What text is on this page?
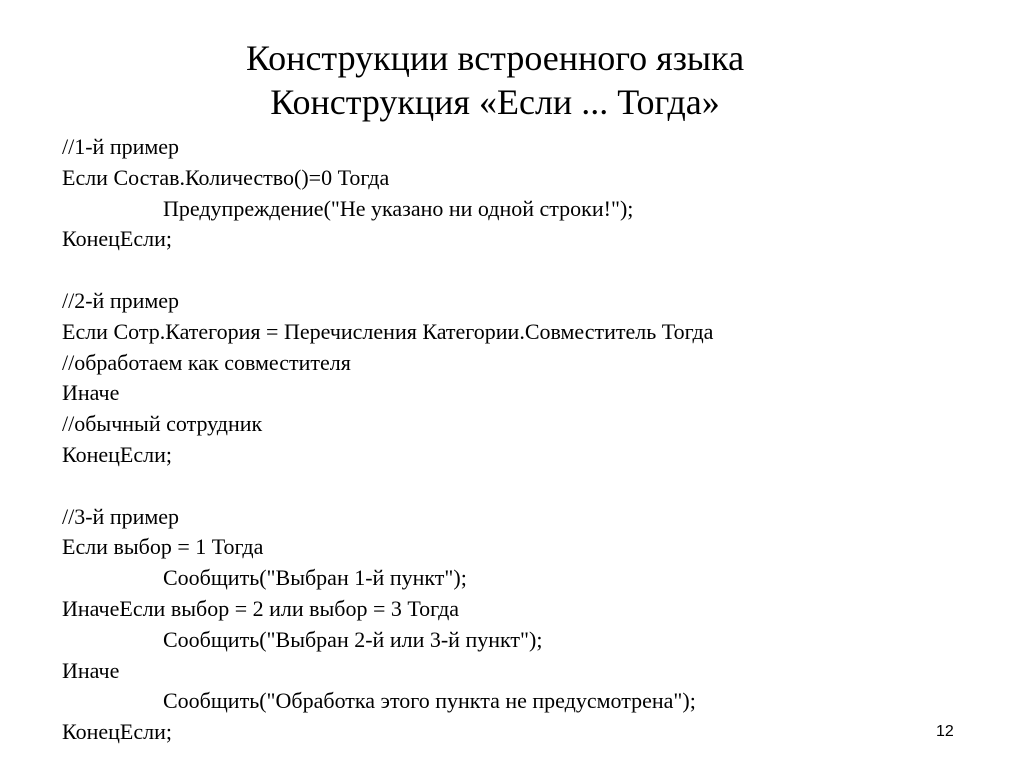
Конструкции встроенного языка
Конструкция «Если ... Тогда»
//1-й пример
Если Состав.Количество()=0 Тогда
Предупреждение("Не указано ни одной строки!");
КонецЕсли;
//2-й пример
Если Сотр.Категория = Перечисления Категории.Совместитель Тогда
//обработаем как совместителя
Иначе
//обычный сотрудник
КонецЕсли;
//3-й пример
Если выбор = 1 Тогда
Сообщить("Выбран 1-й пункт");
ИначеЕсли выбор = 2 или выбор = 3 Тогда
Сообщить("Выбран 2-й или 3-й пункт");
Иначе
Сообщить("Обработка этого пункта не предусмотрена");
КонецЕсли;	12
